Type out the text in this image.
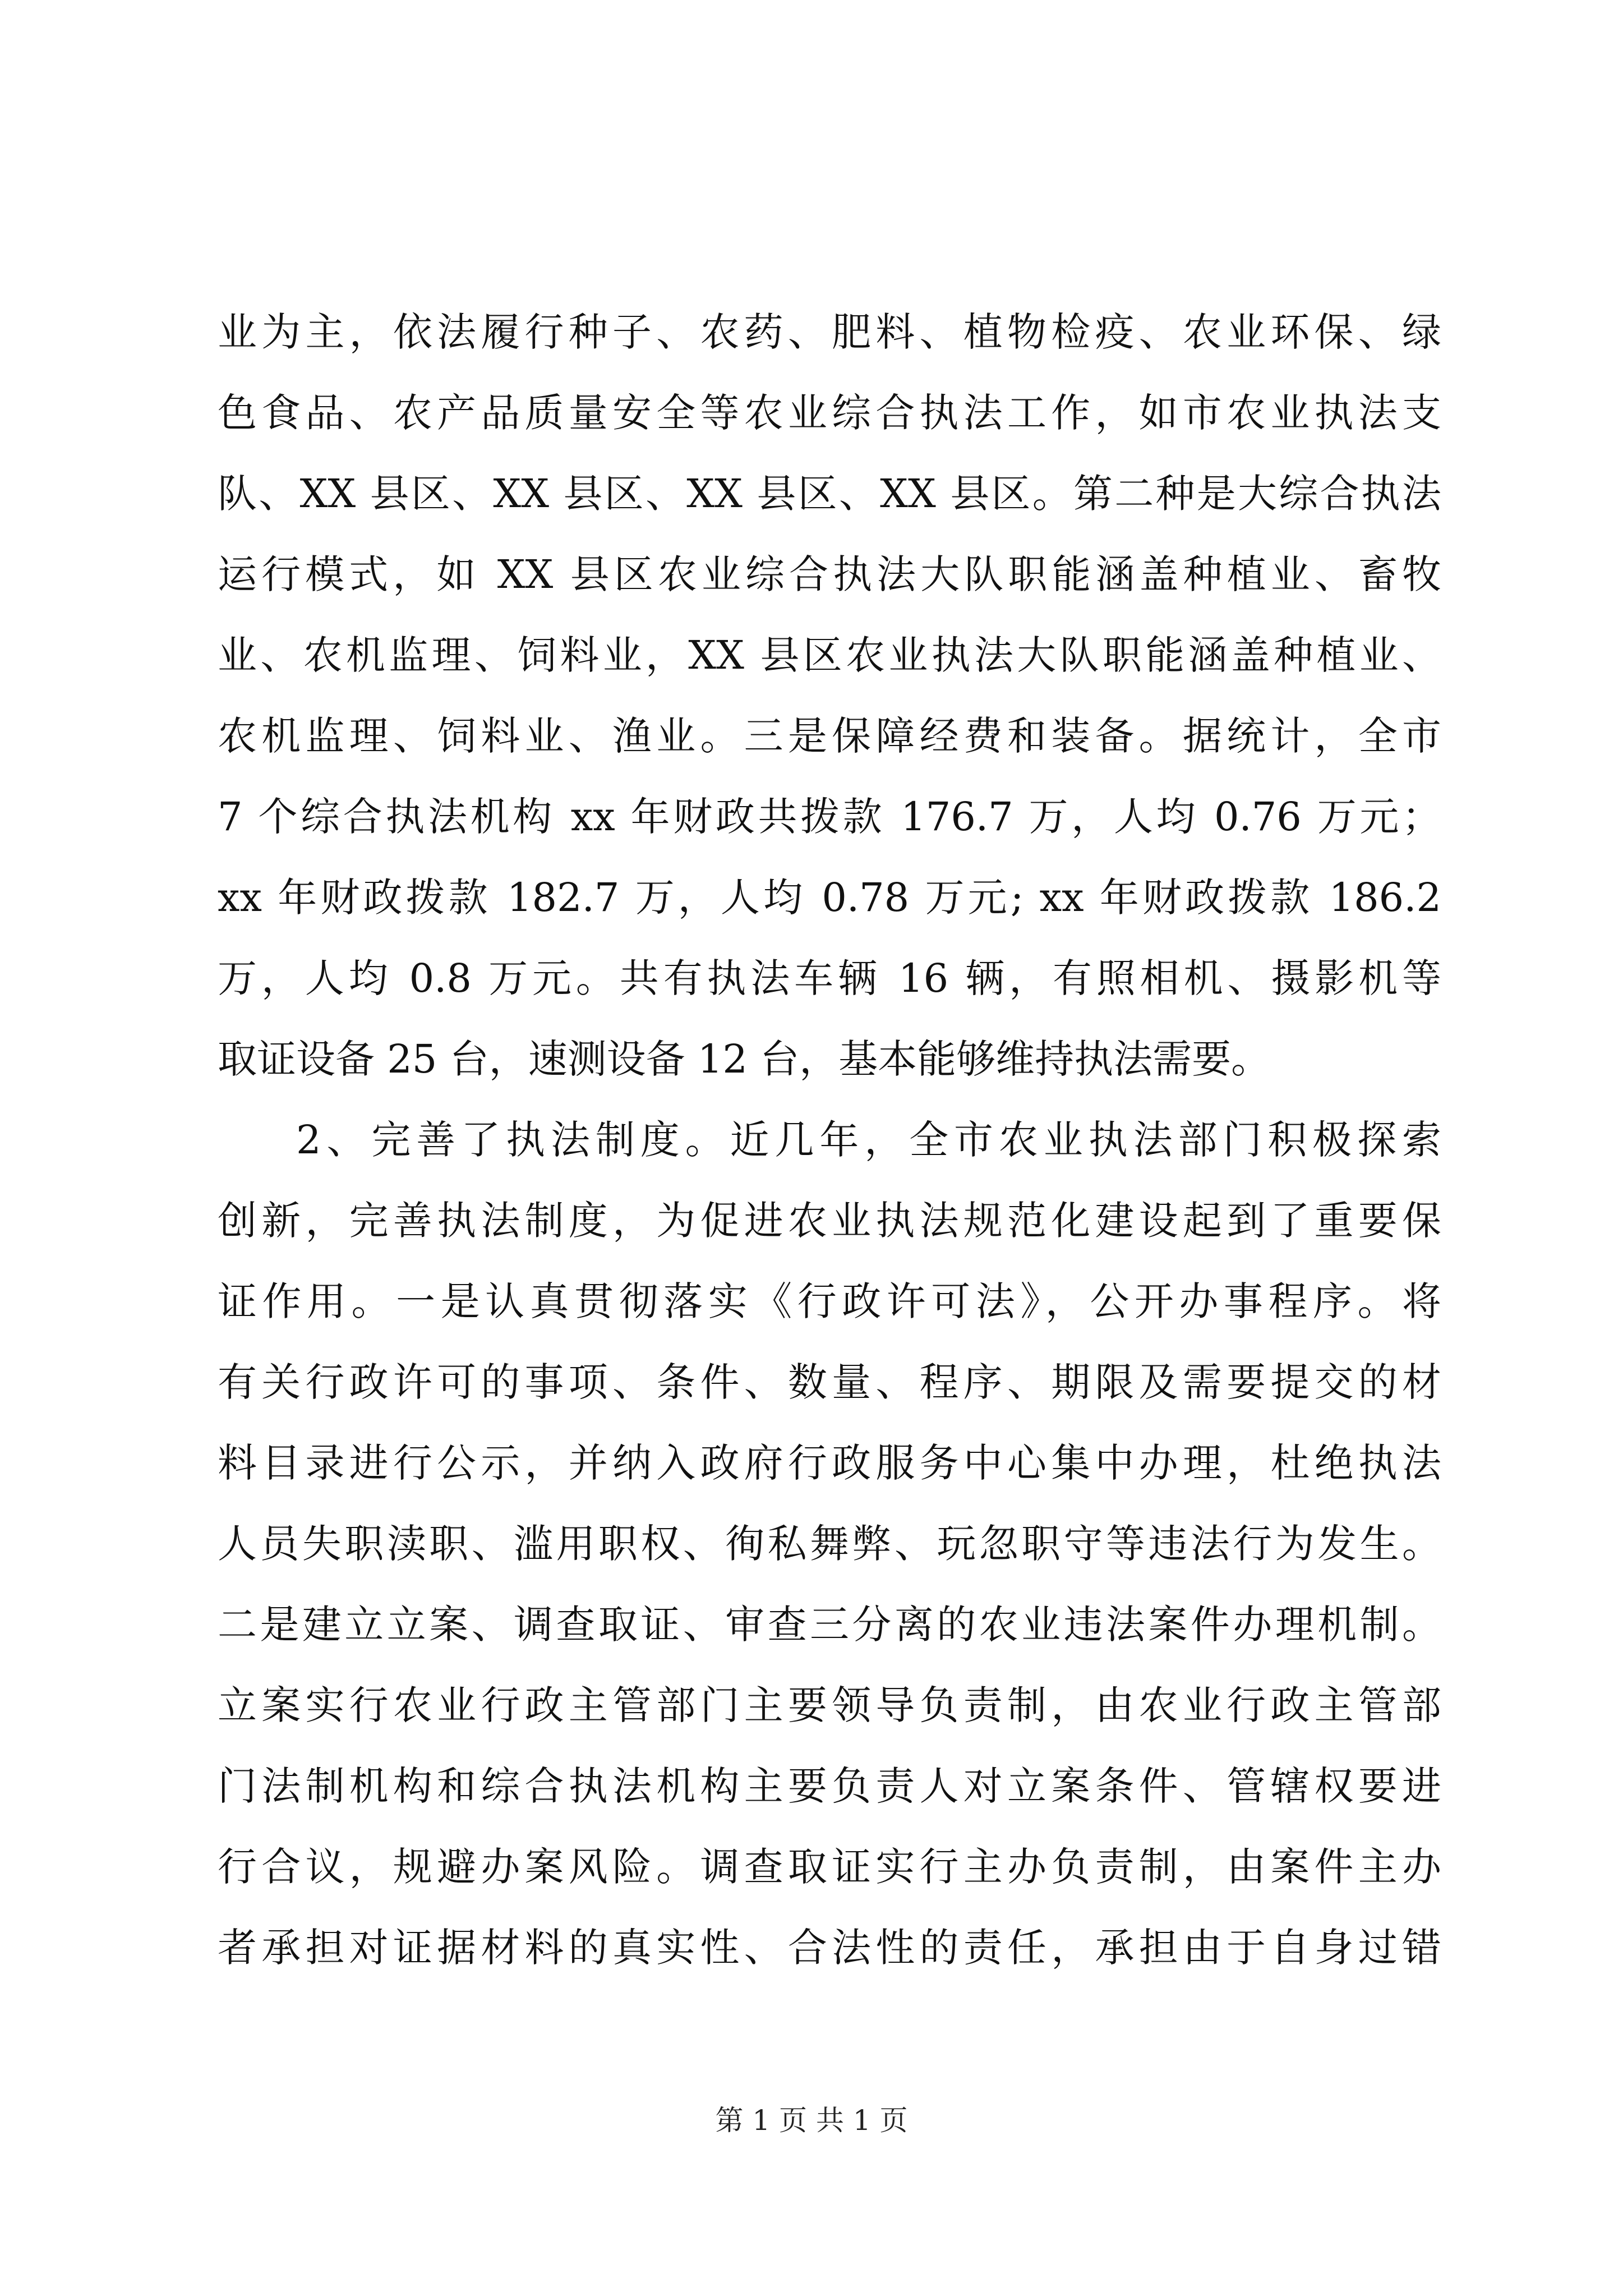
业为主，依法履行种子、农药、肥料、植物检疫、农业环保、绿
色食品、农产品质量安全等农业综合执法工作，如市农业执法支
队、XX 县区、XX 县区、XX 县区、XX 县区。第二种是大综合执法
运行模式，如 XX 县区农业综合执法大队职能涵盖种植业、畜牧
业、农机监理、饲料业，XX 县区农业执法大队职能涵盖种植业、
农机监理、饲料业、渔业。三是保障经费和装备。据统计，全市
7 个综合执法机构 xx 年财政共拨款 176.7 万，人均 0.76 万元；
xx 年财政拨款 182.7 万，人均 0.78 万元; xx 年财政拨款 186.2
万，人均 0.8 万元。共有执法车辆 16 辆，有照相机、摄影机等
取证设备 25 台，速测设备 12 台，基本能够维持执法需要。
2、完善了执法制度。近几年，全市农业执法部门积极探索
创新，完善执法制度，为促进农业执法规范化建设起到了重要保
证作用。一是认真贯彻落实《行政许可法》，公开办事程序。将
有关行政许可的事项、条件、数量、程序、期限及需要提交的材
料目录进行公示，并纳入政府行政服务中心集中办理，杜绝执法
人员失职渎职、滥用职权、徇私舞弊、玩忽职守等违法行为发生。
二是建立立案、调查取证、审查三分离的农业违法案件办理机制。
立案实行农业行政主管部门主要领导负责制，由农业行政主管部
门法制机构和综合执法机构主要负责人对立案条件、管辖权要进
行合议，规避办案风险。调查取证实行主办负责制，由案件主办
者承担对证据材料的真实性、合法性的责任，承担由于自身过错
第 1 页 共 1 页
